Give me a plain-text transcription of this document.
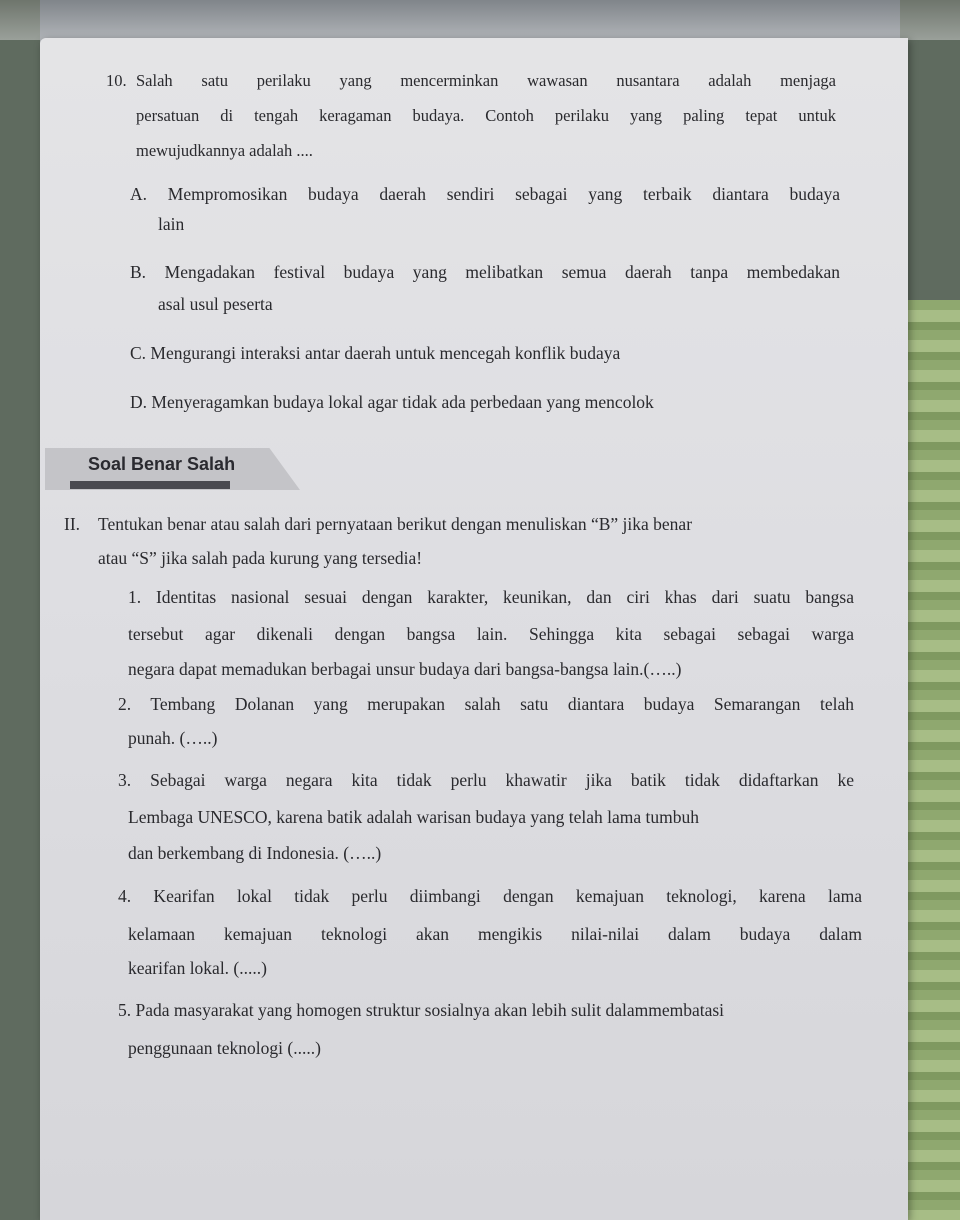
10. Salah satu perilaku yang mencerminkan wawasan nusantara adalah menjaga
persatuan di tengah keragaman budaya. Contoh perilaku yang paling tepat untuk
mewujudkannya adalah ....
A. Mempromosikan budaya daerah sendiri sebagai yang terbaik diantara budaya
lain
B. Mengadakan festival budaya yang melibatkan semua daerah tanpa membedakan
asal usul peserta
C. Mengurangi interaksi antar daerah untuk mencegah konflik budaya
D. Menyeragamkan budaya lokal agar tidak ada perbedaan yang mencolok
Soal Benar Salah
II. Tentukan benar atau salah dari pernyataan berikut dengan menuliskan “B” jika benar
atau “S” jika salah pada kurung yang tersedia!
1. Identitas nasional sesuai dengan karakter, keunikan, dan ciri khas dari suatu bangsa
tersebut agar dikenali dengan bangsa lain. Sehingga kita sebagai sebagai warga
negara dapat memadukan berbagai unsur budaya dari bangsa-bangsa lain.(…..)
2. Tembang Dolanan yang merupakan salah satu diantara budaya Semarangan telah
punah. (…..)
3. Sebagai warga negara kita tidak perlu khawatir jika batik tidak didaftarkan ke
Lembaga UNESCO, karena batik adalah warisan budaya yang telah lama tumbuh
dan berkembang di Indonesia. (…..)
4. Kearifan lokal tidak perlu diimbangi dengan kemajuan teknologi, karena lama
kelamaan kemajuan teknologi akan mengikis nilai-nilai dalam budaya dalam
kearifan lokal. (.....)
5. Pada masyarakat yang homogen struktur sosialnya akan lebih sulit dalammembatasi
penggunaan teknologi (.....)
